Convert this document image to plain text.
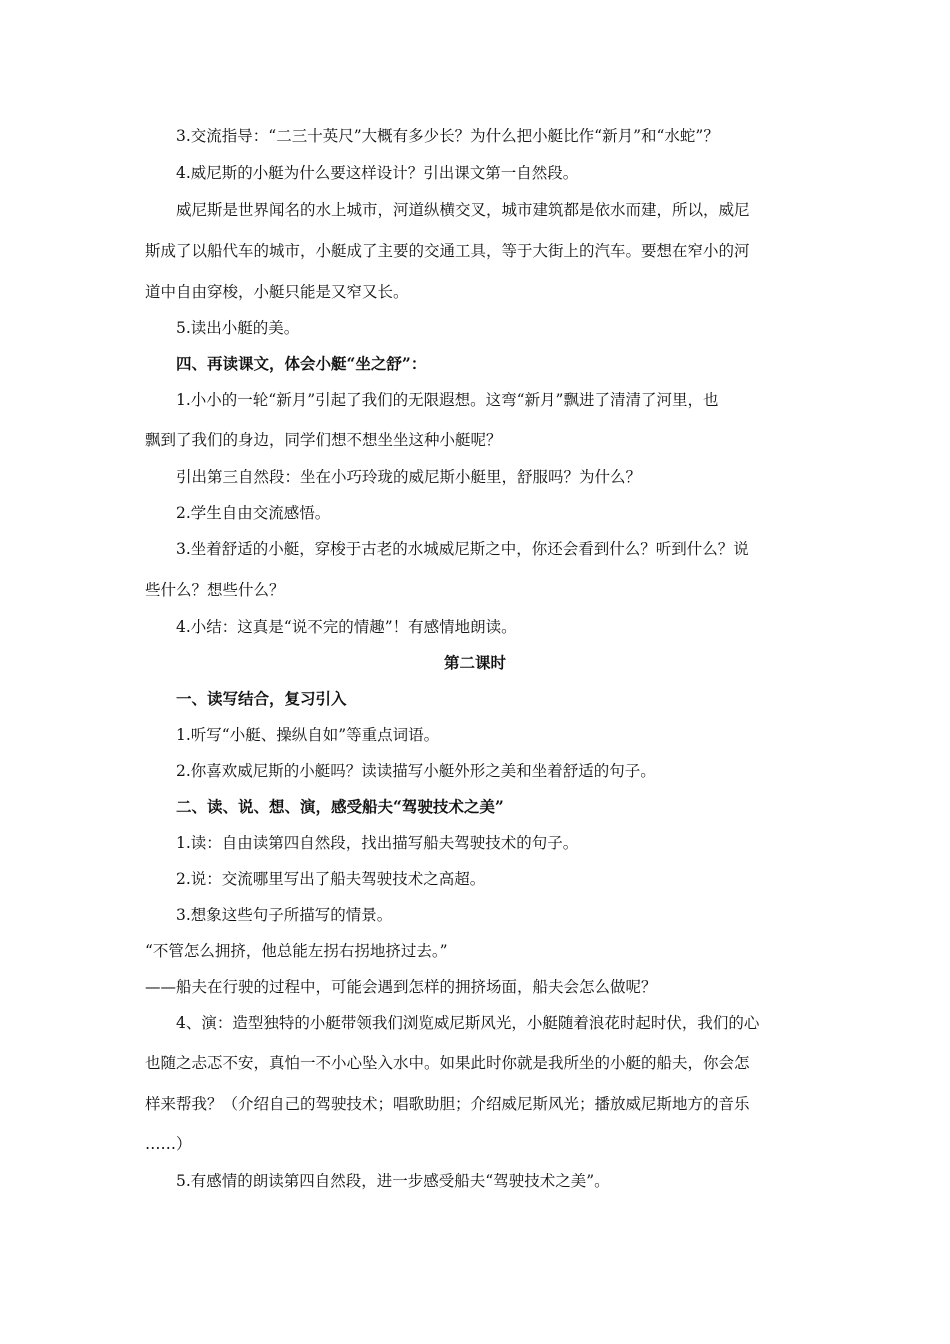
3.交流指导：“二三十英尺”大概有多少长？为什么把小艇比作“新月”和“水蛇”？
4.威尼斯的小艇为什么要这样设计？引出课文第一自然段。
威尼斯是世界闻名的水上城市，河道纵横交叉，城市建筑都是依水而建，所以，威尼
斯成了以船代车的城市，小艇成了主要的交通工具，等于大街上的汽车。要想在窄小的河
道中自由穿梭，小艇只能是又窄又长。
5.读出小艇的美。
四、再读课文，体会小艇“坐之舒”：
1.小小的一轮“新月”引起了我们的无限遐想。这弯“新月”飘进了清清了河里，也
飘到了我们的身边，同学们想不想坐坐这种小艇呢？
引出第三自然段：坐在小巧玲珑的威尼斯小艇里，舒服吗？为什么？
2.学生自由交流感悟。
3.坐着舒适的小艇，穿梭于古老的水城威尼斯之中，你还会看到什么？听到什么？说
些什么？想些什么？
4.小结：这真是“说不完的情趣”！有感情地朗读。
第二课时
一、读写结合，复习引入
1.听写“小艇、操纵自如”等重点词语。
2.你喜欢威尼斯的小艇吗？读读描写小艇外形之美和坐着舒适的句子。
二、读、说、想、演，感受船夫“驾驶技术之美”
1.读：自由读第四自然段，找出描写船夫驾驶技术的句子。
2.说：交流哪里写出了船夫驾驶技术之高超。
3.想象这些句子所描写的情景。
“不管怎么拥挤，他总能左拐右拐地挤过去。”
——船夫在行驶的过程中，可能会遇到怎样的拥挤场面，船夫会怎么做呢？
4、演：造型独特的小艇带领我们浏览威尼斯风光，小艇随着浪花时起时伏，我们的心
也随之忐忑不安，真怕一不小心坠入水中。如果此时你就是我所坐的小艇的船夫，你会怎
样来帮我？（介绍自己的驾驶技术；唱歌助胆；介绍威尼斯风光；播放威尼斯地方的音乐
……）
5.有感情的朗读第四自然段，进一步感受船夫“驾驶技术之美”。
